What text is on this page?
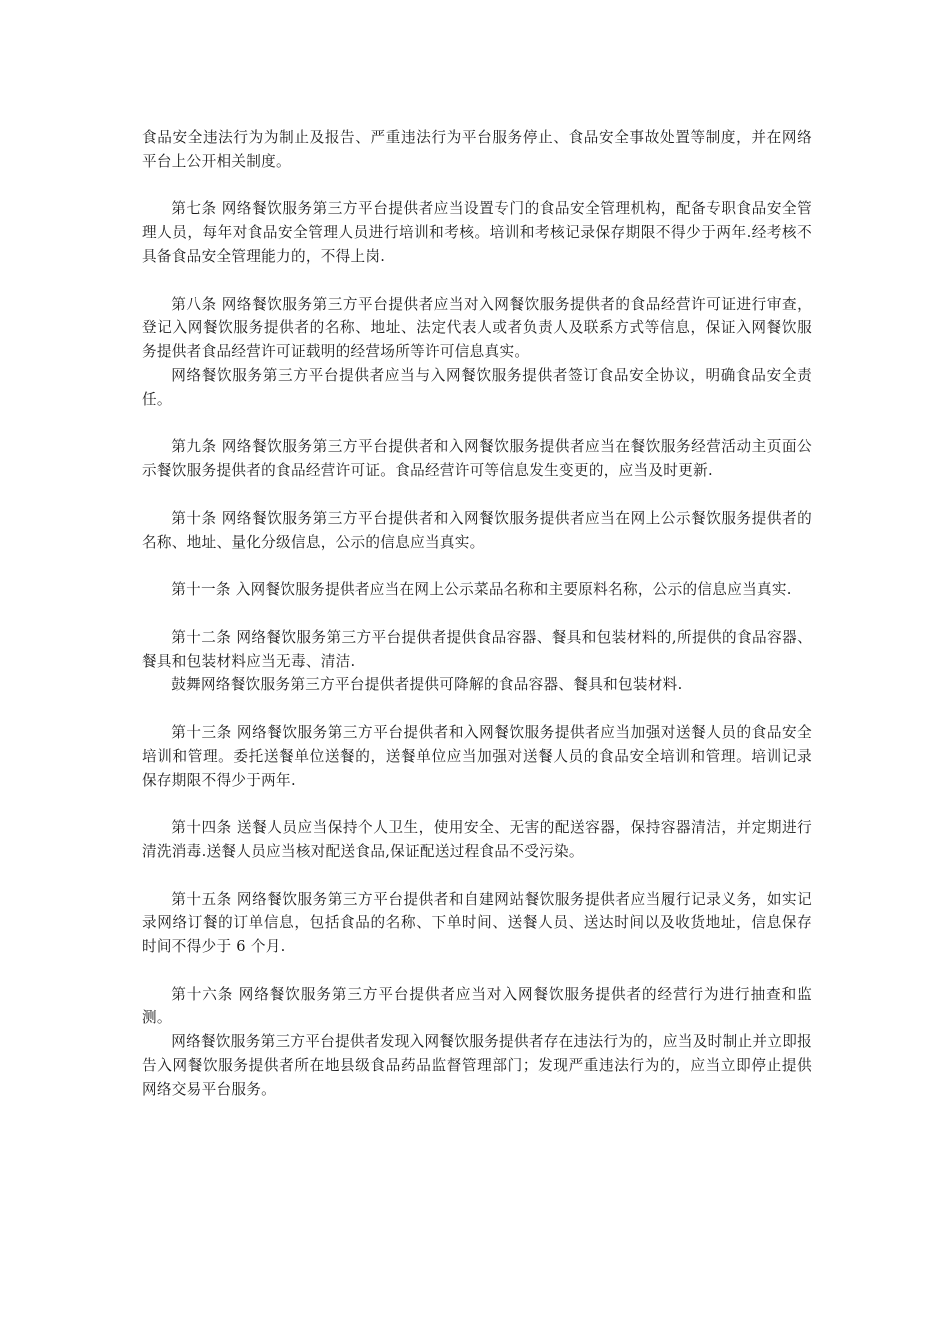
食品安全违法行为为制止及报告、严重违法行为平台服务停止、食品安全事故处置等制度，并在网络平台上公开相关制度。

第七条 网络餐饮服务第三方平台提供者应当设置专门的食品安全管理机构，配备专职食品安全管理人员，每年对食品安全管理人员进行培训和考核。培训和考核记录保存期限不得少于两年.经考核不具备食品安全管理能力的，不得上岗.

第八条 网络餐饮服务第三方平台提供者应当对入网餐饮服务提供者的食品经营许可证进行审查，登记入网餐饮服务提供者的名称、地址、法定代表人或者负责人及联系方式等信息，保证入网餐饮服务提供者食品经营许可证载明的经营场所等许可信息真实。

网络餐饮服务第三方平台提供者应当与入网餐饮服务提供者签订食品安全协议，明确食品安全责任。

第九条 网络餐饮服务第三方平台提供者和入网餐饮服务提供者应当在餐饮服务经营活动主页面公示餐饮服务提供者的食品经营许可证。食品经营许可等信息发生变更的，应当及时更新.

第十条 网络餐饮服务第三方平台提供者和入网餐饮服务提供者应当在网上公示餐饮服务提供者的名称、地址、量化分级信息，公示的信息应当真实。

第十一条 入网餐饮服务提供者应当在网上公示菜品名称和主要原料名称，公示的信息应当真实.

第十二条 网络餐饮服务第三方平台提供者提供食品容器、餐具和包装材料的,所提供的食品容器、餐具和包装材料应当无毒、清洁.

鼓舞网络餐饮服务第三方平台提供者提供可降解的食品容器、餐具和包装材料.

第十三条 网络餐饮服务第三方平台提供者和入网餐饮服务提供者应当加强对送餐人员的食品安全培训和管理。委托送餐单位送餐的，送餐单位应当加强对送餐人员的食品安全培训和管理。培训记录保存期限不得少于两年.

第十四条 送餐人员应当保持个人卫生，使用安全、无害的配送容器，保持容器清洁，并定期进行清洗消毒.送餐人员应当核对配送食品,保证配送过程食品不受污染。

第十五条 网络餐饮服务第三方平台提供者和自建网站餐饮服务提供者应当履行记录义务，如实记录网络订餐的订单信息，包括食品的名称、下单时间、送餐人员、送达时间以及收货地址，信息保存时间不得少于 6 个月.

第十六条 网络餐饮服务第三方平台提供者应当对入网餐饮服务提供者的经营行为进行抽查和监测。

网络餐饮服务第三方平台提供者发现入网餐饮服务提供者存在违法行为的，应当及时制止并立即报告入网餐饮服务提供者所在地县级食品药品监督管理部门；发现严重违法行为的，应当立即停止提供网络交易平台服务。
